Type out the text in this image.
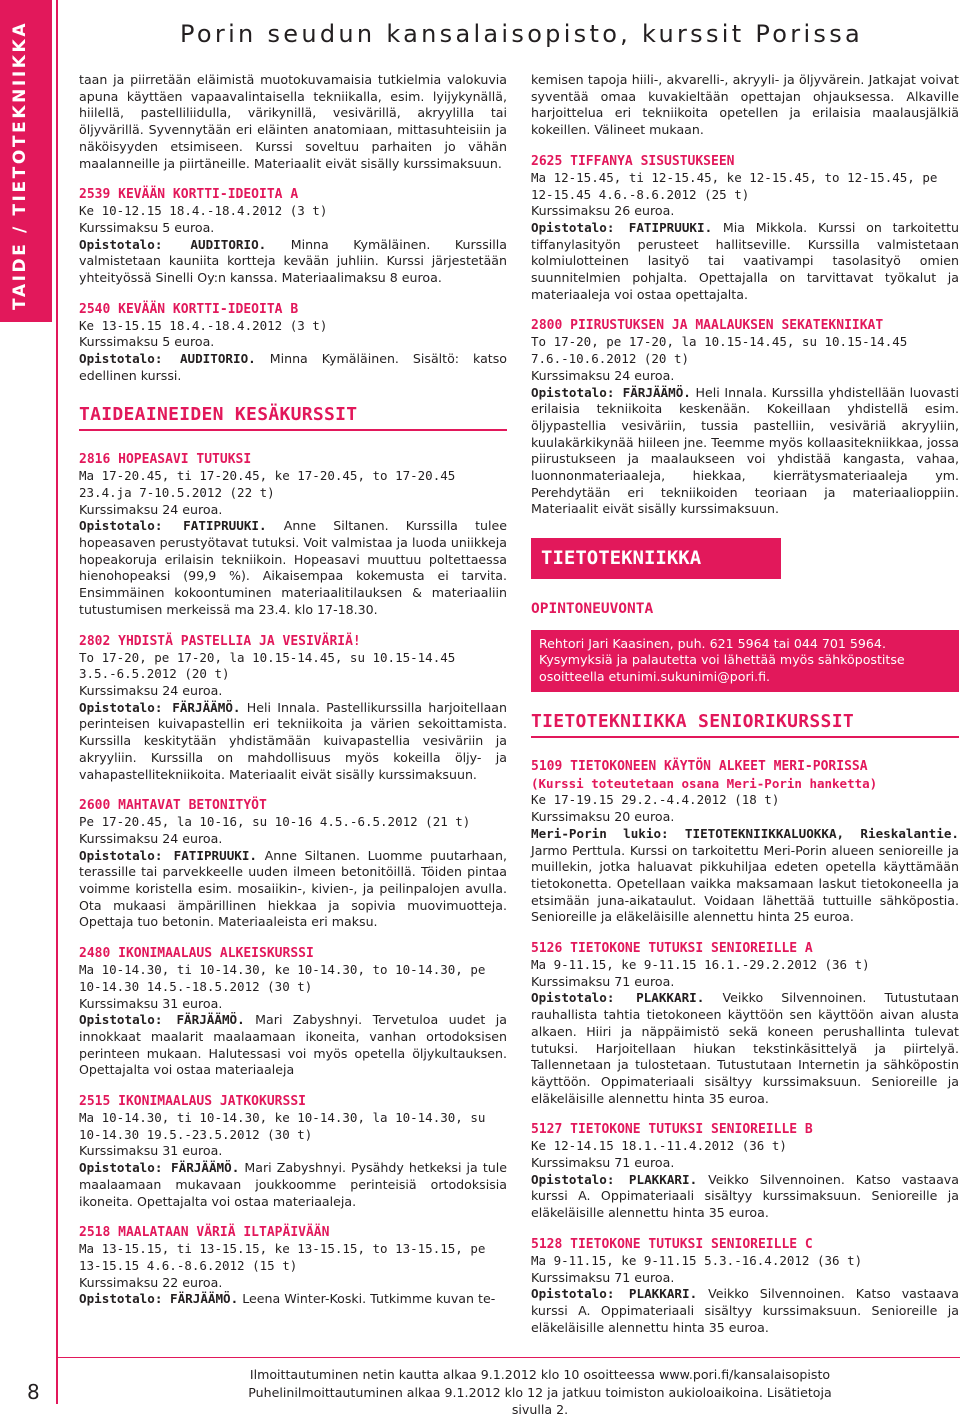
TAIDE / TIETOTEKNIIKKA	Porin seudun kansalaisopisto, kurssit Porissa

taan ja piirretään eläimistä muotokuvamaisia tutkielmia valokuvia apuna käyttäen vapaavalintaisella tekniikalla, esim. lyijykynällä, hiilellä, pastelliliidulla, värikynillä, vesivärillä, akryylilla tai öljyvärillä. Syvennytään eri eläinten anatomiaan, mittasuhteisiin ja näköisyyden etsimiseen. Kurssi soveltuu parhaiten jo vähän maalanneille ja piirtäneille. Materiaalit eivät sisälly kurssimaksuun.

2539 KEVÄÄN KORTTI-IDEOITA A

Ke 10-12.15 18.4.-18.4.2012 (3 t)

Kurssimaksu 5 euroa.

Opistotalo: AUDITORIO. Minna Kymäläinen. Kurssilla valmistetaan kauniita kortteja kevään juhliin. Kurssi järjestetään yhteityössä Sinelli Oy:n kanssa. Materiaalimaksu 8 euroa.

2540 KEVÄÄN KORTTI-IDEOITA B

Ke 13-15.15 18.4.-18.4.2012 (3 t)

Kurssimaksu 5 euroa.

Opistotalo: AUDITORIO. Minna Kymäläinen. Sisältö: katso edellinen kurssi.

TAIDEAINEIDEN KESÄKURSSIT

2816 HOPEASAVI TUTUKSI

Ma 17-20.45, ti 17-20.45, ke 17-20.45, to 17-20.45 23.4.ja 7-10.5.2012 (22 t)

Kurssimaksu 24 euroa.

Opistotalo: FATIPRUUKI. Anne Siltanen. Kurssilla tulee hopeasaven perustyötavat tutuksi. Voit valmistaa ja luoda uniikkeja hopeakoruja erilaisin tekniikoin. Hopeasavi muuttuu poltettaessa hienohopeaksi (99,9 %). Aikaisempaa kokemusta ei tarvita. Ensimmäinen kokoontuminen materiaalitilauksen & materiaaliin tutustumisen merkeissä ma 23.4. klo 17-18.30.

2802 YHDISTÄ PASTELLIA JA VESIVÄRIÄ!

To 17-20, pe 17-20, la 10.15-14.45, su 10.15-14.45 3.5.-6.5.2012 (20 t)

Kurssimaksu 24 euroa.

Opistotalo: FÄRJÄÄMÖ. Heli Innala. Pastellikurssilla harjoitellaan perinteisen kuivapastellin eri tekniikoita ja värien sekoittamista. Kurssilla keskitytään yhdistämään kuivapastellia vesiväriin ja akryyliin. Kurssilla on mahdollisuus myös kokeilla öljy- ja vahapastellitekniikoita. Materiaalit eivät sisälly kurssimaksuun.

2600 MAHTAVAT BETONITYÖT

Pe 17-20.45, la 10-16, su 10-16 4.5.-6.5.2012 (21 t)

Kurssimaksu 24 euroa.

Opistotalo: FATIPRUUKI. Anne Siltanen. Luomme puutarhaan, terassille tai parvekkeelle uuden ilmeen betonitöillä. Töiden pintaa voimme koristella esim. mosaiikin-, kivien-, ja peilinpalojen avulla. Ota mukaasi ämpärillinen hiekkaa ja sopivia muovimuotteja. Opettaja tuo betonin. Materiaaleista eri maksu.

2480 IKONIMAALAUS ALKEISKURSSI

Ma 10-14.30, ti 10-14.30, ke 10-14.30, to 10-14.30, pe 10-14.30 14.5.-18.5.2012 (30 t)

Kurssimaksu 31 euroa.

Opistotalo: FÄRJÄÄMÖ. Mari Zabyshnyi. Tervetuloa uudet ja innokkaat maalarit maalaamaan ikoneita, vanhan ortodoksisen perinteen mukaan. Halutessasi voi myös opetella öljykultauksen. Opettajalta voi ostaa materiaaleja

2515 IKONIMAALAUS JATKOKURSSI

Ma 10-14.30, ti 10-14.30, ke 10-14.30, la 10-14.30, su 10-14.30 19.5.-23.5.2012 (30 t)

Kurssimaksu 31 euroa.

Opistotalo: FÄRJÄÄMÖ. Mari Zabyshnyi. Pysähdy hetkeksi ja tule maalaamaan mukavaan joukkoomme perinteisiä ortodoksisia ikoneita. Opettajalta voi ostaa materiaaleja.

2518 MAALATAAN VÄRIÄ ILTAPÄIVÄÄN

Ma 13-15.15, ti 13-15.15, ke 13-15.15, to 13-15.15, pe 13-15.15 4.6.-8.6.2012 (15 t)

Kurssimaksu 22 euroa.

Opistotalo: FÄRJÄÄMÖ. Leena Winter-Koski. Tutkimme kuvan te-

kemisen tapoja hiili-, akvarelli-, akryyli- ja öljyvärein. Jatkajat voivat syventää omaa kuvakieltään opettajan ohjauksessa. Alkaville harjoittelua eri tekniikoita opetellen ja erilaisia maalausjälkiä kokeillen. Välineet mukaan.

2625 TIFFANYA SISUSTUKSEEN

Ma 12-15.45, ti 12-15.45, ke 12-15.45, to 12-15.45, pe 12-15.45 4.6.-8.6.2012 (25 t)

Kurssimaksu 26 euroa.

Opistotalo: FATIPRUUKI. Mia Mikkola. Kurssi on tarkoitettu tiffanylasityön perusteet hallitseville. Kurssilla valmistetaan kolmiulotteinen lasityö tai vaativampi tasolasityö omien suunnitelmien pohjalta. Opettajalla on tarvittavat työkalut ja materiaaleja voi ostaa opettajalta.

2800 PIIRUSTUKSEN JA MAALAUKSEN SEKATEKNIIKAT

To 17-20, pe 17-20, la 10.15-14.45, su 10.15-14.45 7.6.-10.6.2012 (20 t)

Kurssimaksu 24 euroa.

Opistotalo: FÄRJÄÄMÖ. Heli Innala. Kurssilla yhdistellään luovasti erilaisia tekniikoita keskenään. Kokeillaan yhdistellä esim. öljypastellia vesiväriin, tussia pastelliin, vesiväriä akryyliin, kuulakärkikynää hiileen jne. Teemme myös kollaasitekniikkaa, jossa piirustukseen ja maalaukseen voi yhdistää kangasta, vahaa, luonnonmateriaaleja, hiekkaa, kierrätysmateriaaleja ym. Perehdytään eri tekniikoiden teoriaan ja materiaalioppiin. Materiaalit eivät sisälly kurssimaksuun.

TIETOTEKNIIKKA
OPINTONEUVONTA
Rehtori Jari Kaasinen, puh. 621 5964 tai 044 701 5964. Kysymyksiä ja palautetta voi lähettää myös sähköpostitse osoitteella etunimi.sukunimi@pori.fi.
TIETOTEKNIIKKA SENIORIKURSSIT

5109 TIETOKONEEN KÄYTÖN ALKEET MERI-PORISSA

(Kurssi toteutetaan osana Meri-Porin hanketta)

Ke 17-19.15 29.2.-4.4.2012 (18 t)

Kurssimaksu 20 euroa.

Meri-Porin lukio: TIETOTEKNIIKKALUOKKA, Rieskalantie. Jarmo Perttula. Kurssi on tarkoitettu Meri-Porin alueen senioreille ja muillekin, jotka haluavat pikkuhiljaa edeten opetella käyttämään tietokonetta. Opetellaan vaikka maksamaan laskut tietokoneella ja etsimään juna-aikataulut. Voidaan lähettää tuttuille sähköpostia. Senioreille ja eläkeläisille alennettu hinta 25 euroa.

5126 TIETOKONE TUTUKSI SENIOREILLE A

Ma 9-11.15, ke 9-11.15 16.1.-29.2.2012 (36 t)

Kurssimaksu 71 euroa.

Opistotalo: PLAKKARI. Veikko Silvennoinen. Tutustutaan rauhallista tahtia tietokoneen käyttöön sen käyttöön aivan alusta alkaen. Hiiri ja näppäimistö sekä koneen perushallinta tulevat tutuksi. Harjoitellaan hiukan tekstinkäsittelyä ja piirtelyä. Tallennetaan ja tulostetaan. Tutustutaan Internetin ja sähköpostin käyttöön. Oppimateriaali sisältyy kurssimaksuun. Senioreille ja eläkeläisille alennettu hinta 35 euroa.

5127 TIETOKONE TUTUKSI SENIOREILLE B

Ke 12-14.15 18.1.-11.4.2012 (36 t)

Kurssimaksu 71 euroa.

Opistotalo: PLAKKARI. Veikko Silvennoinen. Katso vastaava kurssi A. Oppimateriaali sisältyy kurssimaksuun. Senioreille ja eläkeläisille alennettu hinta 35 euroa.

5128 TIETOKONE TUTUKSI SENIOREILLE C

Ma 9-11.15, ke 9-11.15 5.3.-16.4.2012 (36 t)

Kurssimaksu 71 euroa.

Opistotalo: PLAKKARI. Veikko Silvennoinen. Katso vastaava kurssi A. Oppimateriaali sisältyy kurssimaksuun. Senioreille ja eläkeläisille alennettu hinta 35 euroa.

8
Ilmoittautuminen netin kautta alkaa 9.1.2012 klo 10 osoitteessa www.pori.fi/kansalaisopisto
Puhelinilmoittautuminen alkaa 9.1.2012 klo 12 ja jatkuu toimiston aukioloaikoina. Lisätietoja sivulla 2.
